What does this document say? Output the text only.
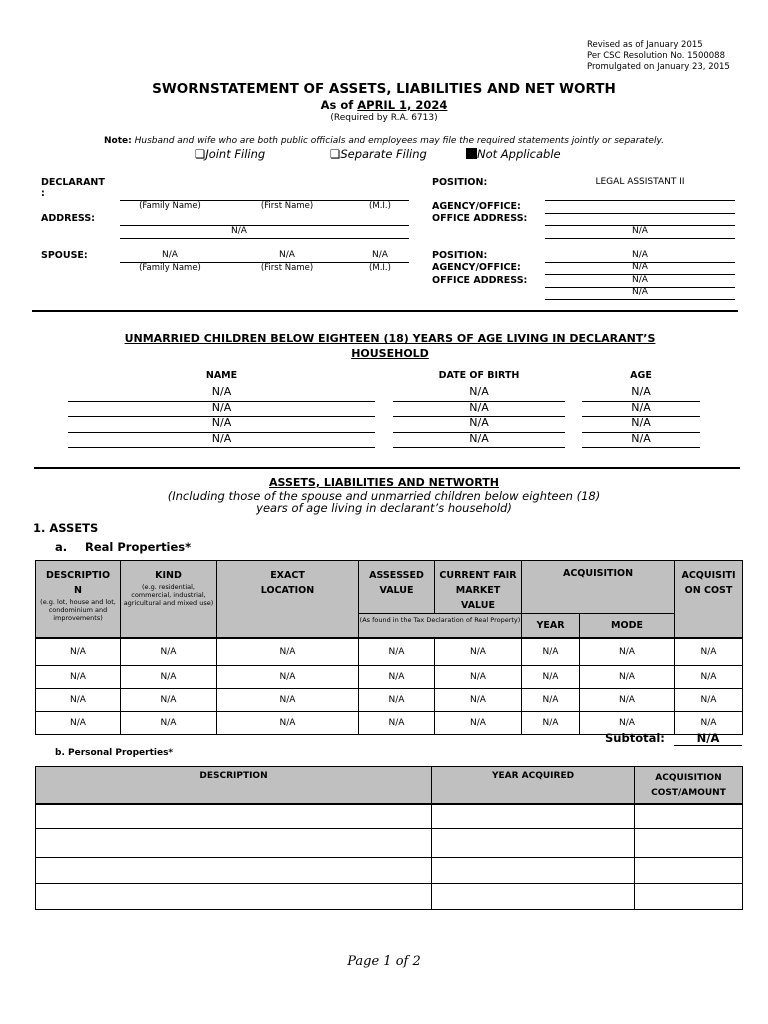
Revised as of January 2015
Per CSC Resolution No. 1500088
Promulgated on January 23, 2015
SWORNSTATEMENT OF ASSETS, LIABILITIES AND NET WORTH
As of APRIL 1, 2024
(Required by R.A. 6713)
Note: Husband and wife who are both public officials and employees may file the required statements jointly or separately.
❏Joint Filing	❏Separate Filing	Not Applicable
DECLARANT
:
(Family Name)	(First Name)	(M.I.)
ADDRESS:
N/A
POSITION:	LEGAL ASSISTANT II
AGENCY/OFFICE:
OFFICE ADDRESS:
N/A
SPOUSE:	N/A	N/A	N/A
(Family Name)	(First Name)	(M.I.)
POSITION:	N/A
AGENCY/OFFICE:	N/A
OFFICE ADDRESS:	N/A
N/A
UNMARRIED CHILDREN BELOW EIGHTEEN (18) YEARS OF AGE LIVING IN DECLARANT’S
HOUSEHOLD
NAME	DATE OF BIRTH	AGE
N/A	N/A	N/A
N/A	N/A	N/A
N/A	N/A	N/A
N/A	N/A	N/A
ASSETS, LIABILITIES AND NETWORTH
(Including those of the spouse and unmarried children below eighteen (18)
years of age living in declarant’s household)
1. ASSETS
a. Real Properties*
DESCRIPTIO
N
(e.g. lot, house and lot, condominium and improvements)	KIND
(e.g. residential, commercial, industrial, agricultural and mixed use)	EXACT LOCATION	ASSESSED VALUE	CURRENT FAIR MARKET VALUE	ACQUISITION		ACQUISITI ON COST

			(As found in the Tax Declaration of Real Property)		YEAR	MODE	
N/A	N/A	N/A	N/A	N/A	N/A	N/A	N/A
N/A	N/A	N/A	N/A	N/A	N/A	N/A	N/A
N/A	N/A	N/A	N/A	N/A	N/A	N/A	N/A
N/A	N/A	N/A	N/A	N/A	N/A	N/A	N/A
Subtotal:	N/A
b. Personal Properties*
DESCRIPTION	YEAR ACQUIRED	ACQUISITION
COST/AMOUNT

Page 1 of 2
